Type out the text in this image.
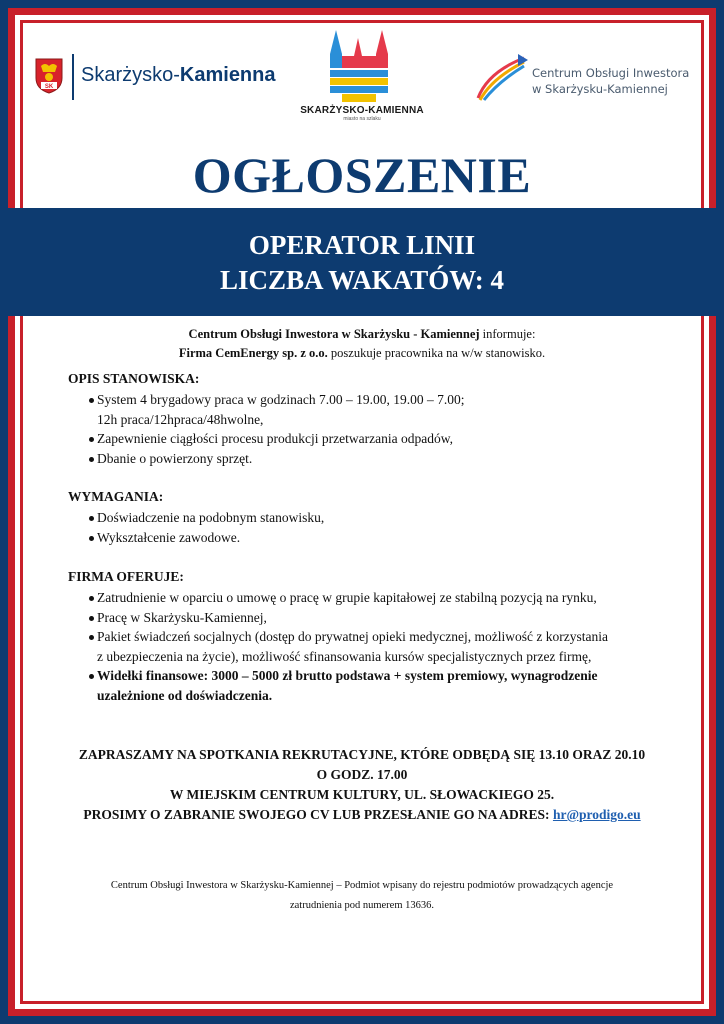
SK
Skarżysko-Kamienna
SKARŻYSKO-KAMIENNA
miasto na szlaku
Centrum Obsługi Inwestora
w Skarżysku-Kamiennej
OGŁOSZENIE
OPERATOR LINII
LICZBA WAKATÓW: 4
Centrum Obsługi Inwestora w Skarżysku - Kamiennej informuje:
Firma CemEnergy sp. z o.o. poszukuje pracownika na w/w stanowisko.
OPIS STANOWISKA:
System 4 brygadowy praca w godzinach 7.00 – 19.00, 19.00 – 7.00;
12h praca/12hpraca/48hwolne,
Zapewnienie ciągłości procesu produkcji przetwarzania odpadów,
Dbanie o powierzony sprzęt.
WYMAGANIA:
Doświadczenie na podobnym stanowisku,
Wykształcenie zawodowe.
FIRMA OFERUJE:
Zatrudnienie w oparciu o umowę o pracę w grupie kapitałowej ze stabilną pozycją na rynku,
Pracę w Skarżysku-Kamiennej,
Pakiet świadczeń socjalnych (dostęp do prywatnej opieki medycznej, możliwość z korzystania
z ubezpieczenia na życie), możliwość sfinansowania kursów specjalistycznych przez firmę,
Widełki finansowe: 3000 – 5000 zł brutto podstawa + system premiowy, wynagrodzenie
uzależnione od doświadczenia.
ZAPRASZAMY NA SPOTKANIA REKRUTACYJNE, KTÓRE ODBĘDĄ SIĘ 13.10 ORAZ 20.10
O GODZ. 17.00
W MIEJSKIM CENTRUM KULTURY, UL. SŁOWACKIEGO 25.
PROSIMY O ZABRANIE SWOJEGO CV LUB PRZESŁANIE GO NA ADRES: hr@prodigo.eu
Centrum Obsługi Inwestora w Skarżysku-Kamiennej – Podmiot wpisany do rejestru podmiotów prowadzących agencje
zatrudnienia pod numerem 13636.
